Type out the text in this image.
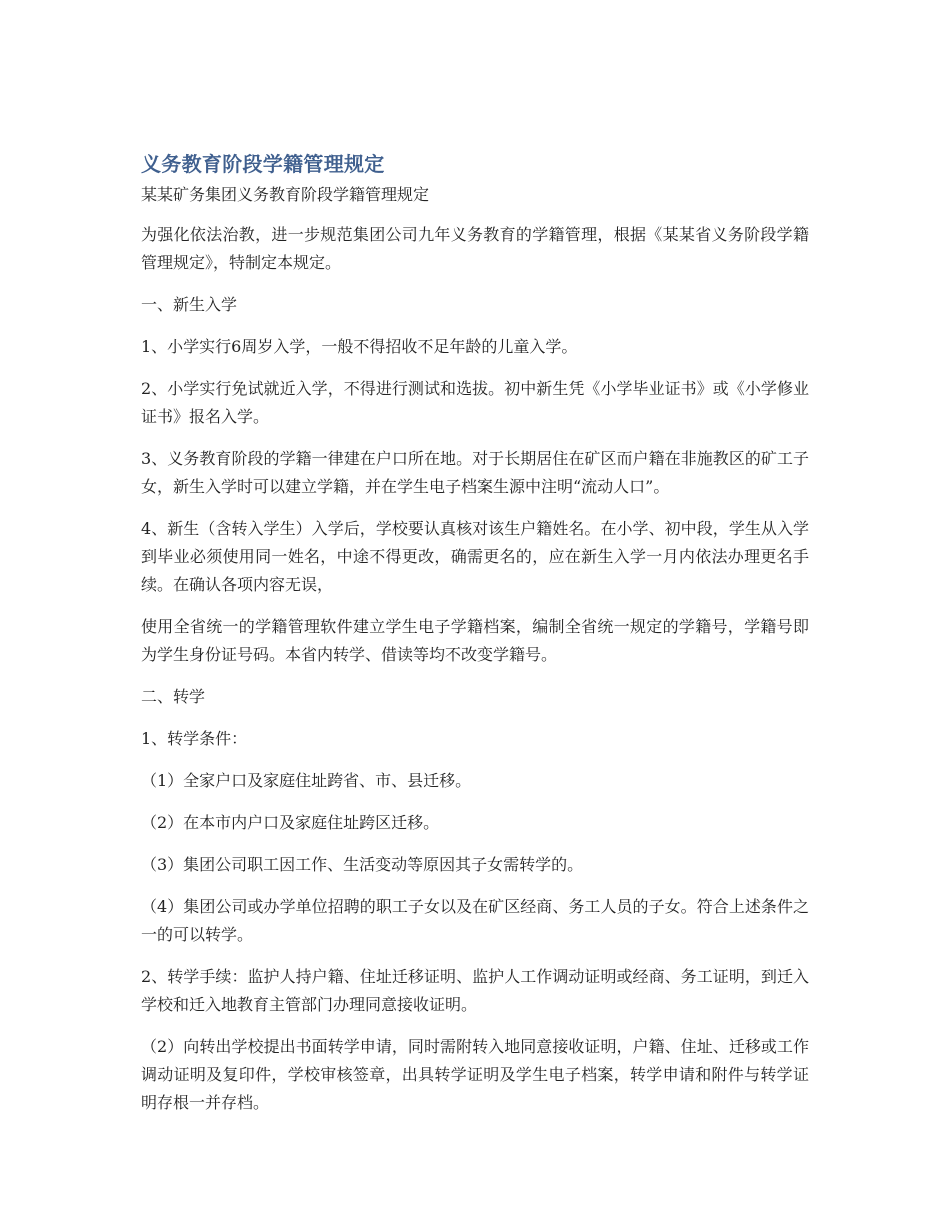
义务教育阶段学籍管理规定
某某矿务集团义务教育阶段学籍管理规定

为强化依法治教，进一步规范集团公司九年义务教育的学籍管理，根据《某某省义务阶段学籍管理规定》，特制定本规定。

一、新生入学

1、小学实行6周岁入学，一般不得招收不足年龄的儿童入学。

2、小学实行免试就近入学，不得进行测试和选拔。初中新生凭《小学毕业证书》或《小学修业证书》报名入学。

3、义务教育阶段的学籍一律建在户口所在地。对于长期居住在矿区而户籍在非施教区的矿工子女，新生入学时可以建立学籍，并在学生电子档案生源中注明“流动人口”。

4、新生（含转入学生）入学后，学校要认真核对该生户籍姓名。在小学、初中段，学生从入学到毕业必须使用同一姓名，中途不得更改，确需更名的，应在新生入学一月内依法办理更名手续。在确认各项内容无误，

使用全省统一的学籍管理软件建立学生电子学籍档案，编制全省统一规定的学籍号，学籍号即为学生身份证号码。本省内转学、借读等均不改变学籍号。

二、转学

1、转学条件：

（1）全家户口及家庭住址跨省、市、县迁移。

（2）在本市内户口及家庭住址跨区迁移。

（3）集团公司职工因工作、生活变动等原因其子女需转学的。

（4）集团公司或办学单位招聘的职工子女以及在矿区经商、务工人员的子女。符合上述条件之一的可以转学。

2、转学手续：监护人持户籍、住址迁移证明、监护人工作调动证明或经商、务工证明，到迁入学校和迁入地教育主管部门办理同意接收证明。

（2）向转出学校提出书面转学申请，同时需附转入地同意接收证明，户籍、住址、迁移或工作调动证明及复印件，学校审核签章，出具转学证明及学生电子档案，转学申请和附件与转学证明存根一并存档。
